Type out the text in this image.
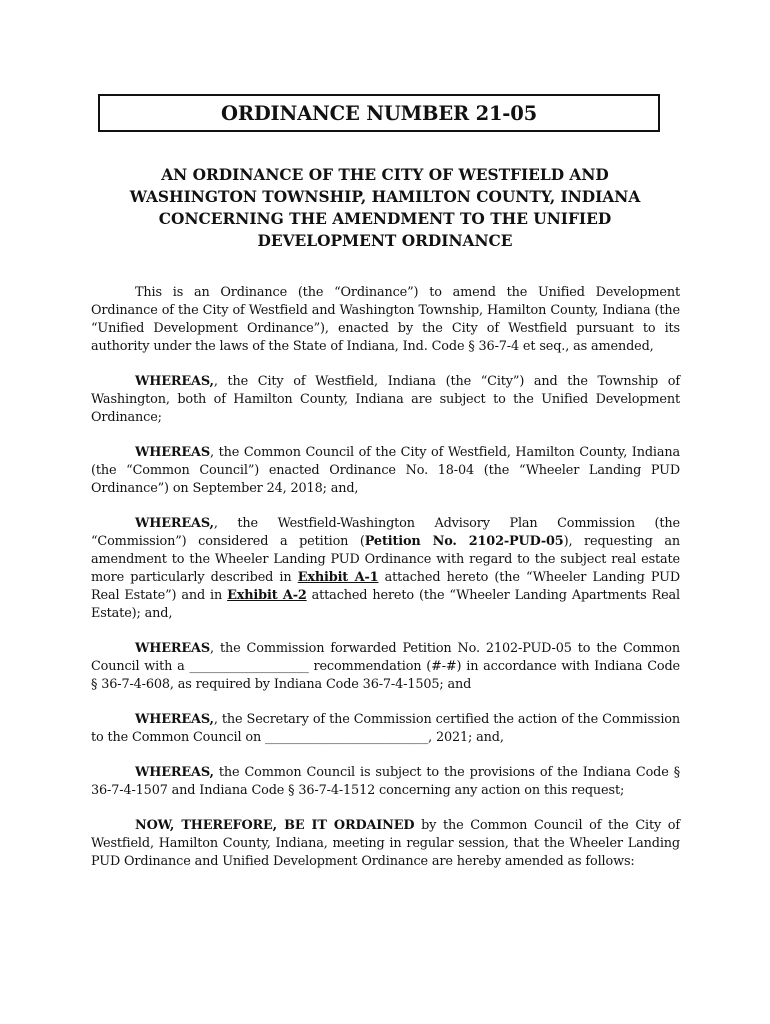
ORDINANCE NUMBER 21-05
AN ORDINANCE OF THE CITY OF WESTFIELD AND
WASHINGTON TOWNSHIP, HAMILTON COUNTY, INDIANA
CONCERNING THE AMENDMENT TO THE UNIFIED
DEVELOPMENT ORDINANCE

This is an Ordinance (the “Ordinance”) to amend the Unified Development Ordinance of the City of Westfield and Washington Township, Hamilton County, Indiana (the “Unified Development Ordinance”), enacted by the City of Westfield pursuant to its authority under the laws of the State of Indiana, Ind. Code § 36-7-4 et seq., as amended,

WHEREAS,, the City of Westfield, Indiana (the “City”) and the Township of Washington, both of Hamilton County, Indiana are subject to the Unified Development Ordinance;

WHEREAS, the Common Council of the City of Westfield, Hamilton County, Indiana (the “Common Council”) enacted Ordinance No. 18-04 (the “Wheeler Landing PUD Ordinance”) on September 24, 2018; and,

WHEREAS,, the Westfield-Washington Advisory Plan Commission (the “Commission”) considered a petition (Petition No. 2102-PUD-05), requesting an amendment to the Wheeler Landing PUD Ordinance with regard to the subject real estate more particularly described in Exhibit A-1 attached hereto (the “Wheeler Landing PUD Real Estate”) and in Exhibit A-2 attached hereto (the “Wheeler Landing Apartments Real Estate); and,

WHEREAS, the Commission forwarded Petition No. 2102-PUD-05 to the Common Council with a ___________________ recommendation (#-#) in accordance with Indiana Code § 36-7-4-608, as required by Indiana Code 36-7-4-1505; and

WHEREAS,, the Secretary of the Commission certified the action of the Commission to the Common Council on __________________________, 2021; and,

WHEREAS, the Common Council is subject to the provisions of the Indiana Code § 36-7-4-1507 and Indiana Code § 36-7-4-1512 concerning any action on this request;

NOW, THEREFORE, BE IT ORDAINED by the Common Council of the City of Westfield, Hamilton County, Indiana, meeting in regular session, that the Wheeler Landing PUD Ordinance and Unified Development Ordinance are hereby amended as follows:
